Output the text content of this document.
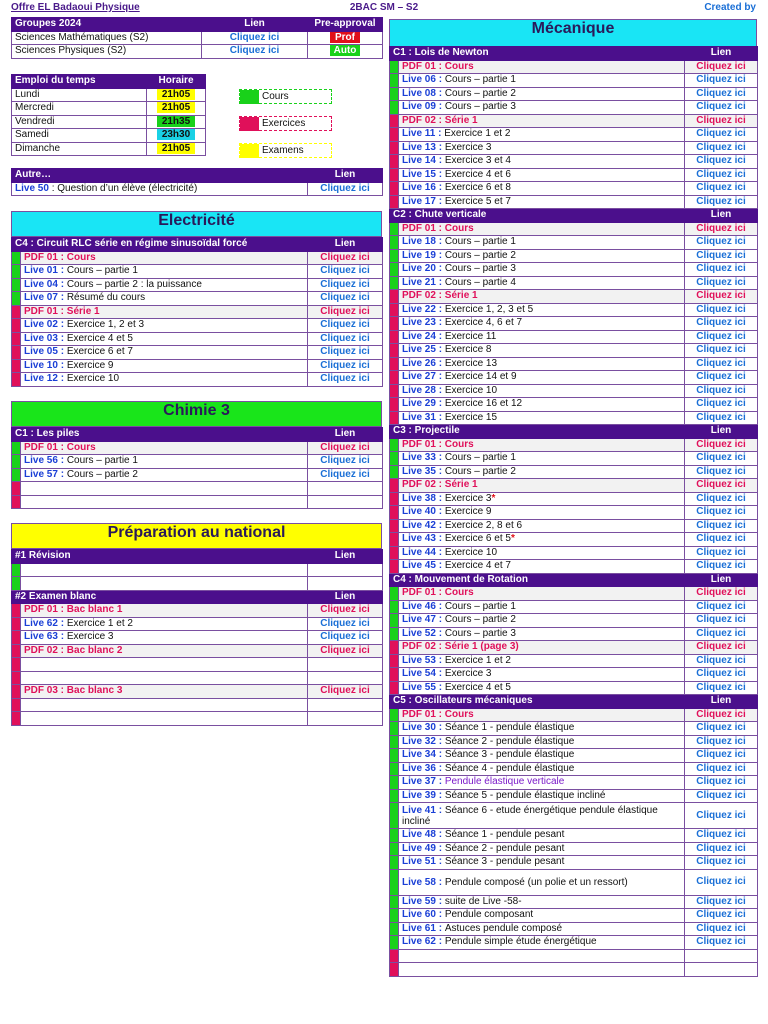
Offre EL Badaoui Physique	2BAC SM – S2	Created by
Groupes 2024	Lien	Pre-approval
Sciences Mathématiques (S2)	Cliquez ici	Prof
Sciences Physiques (S2)	Cliquez ici	Auto
Emploi du temps	Horaire
Lundi	21h05
Mercredi	21h05
Vendredi	21h35
Samedi	23h30
Dimanche	21h05
Cours
Exercices
Examens
Autre…	Lien
Live 50 : Question d’un élève (électricité)	Cliquez ici
Electricité
C4 : Circuit RLC série en régime sinusoïdal forcé		Lien
	PDF 01 : Cours	Cliquez ici
	Live 01 : Cours – partie 1	Cliquez ici
	Live 04 : Cours – partie 2 : la puissance	Cliquez ici
	Live 07 : Résumé du cours	Cliquez ici
	PDF 01 : Série 1	Cliquez ici
	Live 02 : Exercice 1, 2 et 3	Cliquez ici
	Live 03 : Exercice 4 et 5	Cliquez ici
	Live 05 : Exercice 6 et 7	Cliquez ici
	Live 10 : Exercice 9	Cliquez ici
	Live 12 : Exercice 10	Cliquez ici
Chimie 3
C1 : Les piles		Lien
	PDF 01 : Cours	Cliquez ici
	Live 56 : Cours – partie 1	Cliquez ici
	Live 57 : Cours – partie 2	Cliquez ici

Préparation au national
#1 Révision		Lien

#2 Examen blanc		Lien
	PDF 01 : Bac blanc 1	Cliquez ici
	Live 62 : Exercice 1 et 2	Cliquez ici
	Live 63 : Exercice 3	Cliquez ici
	PDF 02 : Bac blanc 2	Cliquez ici

	PDF 03 : Bac blanc 3	Cliquez ici

Mécanique
C1 : Lois de Newton		Lien
	PDF 01 : Cours	Cliquez ici
	Live 06 : Cours – partie 1	Cliquez ici
	Live 08 : Cours – partie 2	Cliquez ici
	Live 09 : Cours – partie 3	Cliquez ici
	PDF 02 : Série 1	Cliquez ici
	Live 11 : Exercice 1 et 2	Cliquez ici
	Live 13 : Exercice 3	Cliquez ici
	Live 14 : Exercice 3 et 4	Cliquez ici
	Live 15 : Exercice 4 et 6	Cliquez ici
	Live 16 : Exercice 6 et 8	Cliquez ici
	Live 17 : Exercice 5 et 7	Cliquez ici
C2 : Chute verticale		Lien
	PDF 01 : Cours	Cliquez ici
	Live 18 : Cours – partie 1	Cliquez ici
	Live 19 : Cours – partie 2	Cliquez ici
	Live 20 : Cours – partie 3	Cliquez ici
	Live 21 : Cours – partie 4	Cliquez ici
	PDF 02 : Série 1	Cliquez ici
	Live 22 : Exercice 1, 2, 3 et 5	Cliquez ici
	Live 23 : Exercice 4, 6 et 7	Cliquez ici
	Live 24 : Exercice 11	Cliquez ici
	Live 25 : Exercice 8	Cliquez ici
	Live 26 : Exercice 13	Cliquez ici
	Live 27 : Exercice 14 et 9	Cliquez ici
	Live 28 : Exercice 10	Cliquez ici
	Live 29 : Exercice 16 et 12	Cliquez ici
	Live 31 : Exercice 15	Cliquez ici
C3 : Projectile		Lien
	PDF 01 : Cours	Cliquez ici
	Live 33 : Cours – partie 1	Cliquez ici
	Live 35 : Cours – partie 2	Cliquez ici
	PDF 02 : Série 1	Cliquez ici
	Live 38 : Exercice 3*	Cliquez ici
	Live 40 : Exercice 9	Cliquez ici
	Live 42 : Exercice 2, 8 et 6	Cliquez ici
	Live 43 : Exercice 6 et 5*	Cliquez ici
	Live 44 : Exercice 10	Cliquez ici
	Live 45 : Exercice 4 et 7	Cliquez ici
C4 : Mouvement de Rotation		Lien
	PDF 01 : Cours	Cliquez ici
	Live 46 : Cours – partie 1	Cliquez ici
	Live 47 : Cours – partie 2	Cliquez ici
	Live 52 : Cours – partie 3	Cliquez ici
	PDF 02 : Série 1 (page 3)	Cliquez ici
	Live 53 : Exercice 1 et 2	Cliquez ici
	Live 54 : Exercice 3	Cliquez ici
	Live 55 : Exercice 4 et 5	Cliquez ici
C5 : Oscillateurs mécaniques		Lien
	PDF 01 : Cours	Cliquez ici
	Live 30 : Séance 1 - pendule élastique	Cliquez ici
	Live 32 : Séance 2 - pendule élastique	Cliquez ici
	Live 34 : Séance 3 - pendule élastique	Cliquez ici
	Live 36 : Séance 4 - pendule élastique	Cliquez ici
	Live 37 : Pendule élastique verticale	Cliquez ici
	Live 39 : Séance 5 - pendule élastique incliné	Cliquez ici
	Live 41 : Séance 6 - etude énergétique pendule élastique incliné	Cliquez ici
	Live 48 : Séance 1 - pendule pesant	Cliquez ici
	Live 49 : Séance 2 - pendule pesant	Cliquez ici
	Live 51 : Séance 3 - pendule pesant	Cliquez ici
	Live 58 : Pendule composé (un polie et un ressort)	Cliquez ici
	Live 59 : suite de Live -58-	Cliquez ici
	Live 60 : Pendule composant	Cliquez ici
	Live 61 : Astuces pendule composé	Cliquez ici
	Live 62 : Pendule simple étude énergétique	Cliquez ici
